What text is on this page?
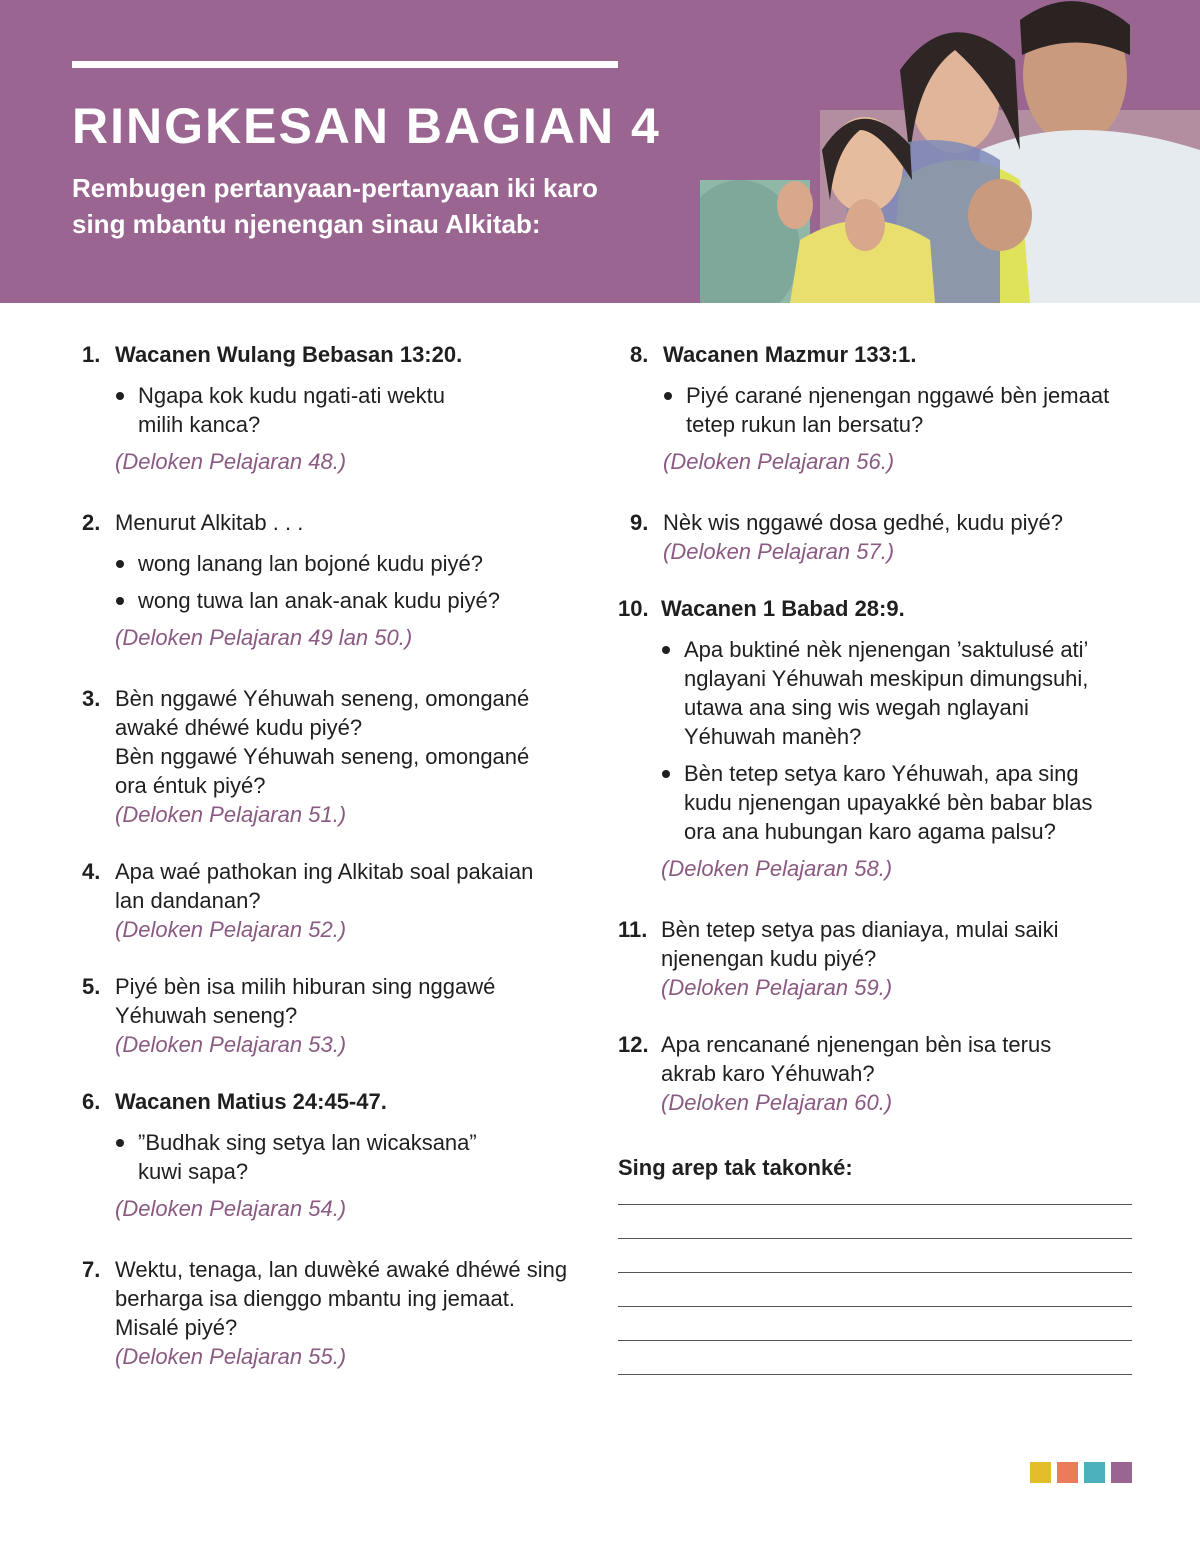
RINGKESAN BAGIAN 4
Rembugen pertanyaan-pertanyaan iki karo sing mbantu njenengan sinau Alkitab:
1. Wacanen Wulang Bebasan 13:20.
Ngapa kok kudu ngati-ati wektu milih kanca?
(Deloken Pelajaran 48.)
2. Menurut Alkitab . . .
wong lanang lan bojoné kudu piyé?
wong tuwa lan anak-anak kudu piyé?
(Deloken Pelajaran 49 lan 50.)
3. Bèn nggawé Yéhuwah seneng, omongané awaké dhéwé kudu piyé?
Bèn nggawé Yéhuwah seneng, omongané ora éntuk piyé?
(Deloken Pelajaran 51.)
4. Apa waé pathokan ing Alkitab soal pakaian lan dandanan?
(Deloken Pelajaran 52.)
5. Piyé bèn isa milih hiburan sing nggawé Yéhuwah seneng?
(Deloken Pelajaran 53.)
6. Wacanen Matius 24:45-47.
”Budhak sing setya lan wicaksana” kuwi sapa?
(Deloken Pelajaran 54.)
7. Wektu, tenaga, lan duwèké awaké dhéwé sing berharga isa dienggo mbantu ing jemaat. Misalé piyé?
(Deloken Pelajaran 55.)
8. Wacanen Mazmur 133:1.
Piyé carané njenengan nggawé bèn jemaat tetep rukun lan bersatu?
(Deloken Pelajaran 56.)
9. Nèk wis nggawé dosa gedhé, kudu piyé?
(Deloken Pelajaran 57.)
10. Wacanen 1 Babad 28:9.
Apa buktiné nèk njenengan ’saktulusé ati’ nglayani Yéhuwah meskipun dimungsuhi, utawa ana sing wis wegah nglayani Yéhuwah manèh?
Bèn tetep setya karo Yéhuwah, apa sing kudu njenengan upayakké bèn babar blas ora ana hubungan karo agama palsu?
(Deloken Pelajaran 58.)
11. Bèn tetep setya pas dianiaya, mulai saiki njenengan kudu piyé?
(Deloken Pelajaran 59.)
12. Apa rencanané njenengan bèn isa terus akrab karo Yéhuwah?
(Deloken Pelajaran 60.)
Sing arep tak takonké:
